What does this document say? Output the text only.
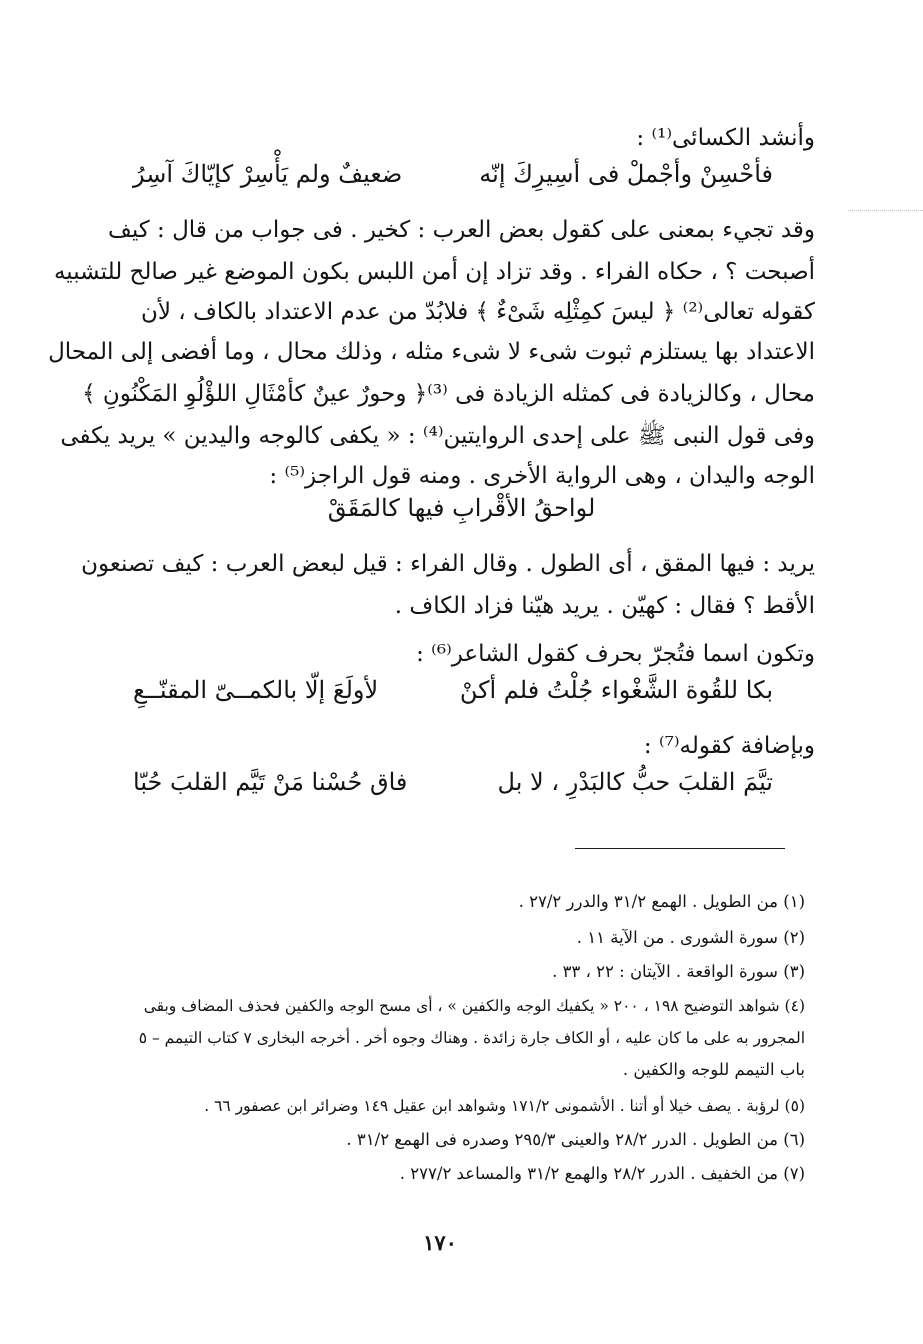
وأنشد الكسائى⁽¹⁾ :
فأحْسِنْ وأجْملْ فى أسِيرِكَ إنّه
ضعيفٌ ولم يَأْسِرْ كإيّاكَ آسِرُ
وقد تجيء بمعنى على كقول بعض العرب : كخير . فى جواب من قال : كيف
أصبحت ؟ ، حكاه الفراء . وقد تزاد إن أمن اللبس بكون الموضع غير صالح للتشبيه
كقوله تعالى⁽²⁾ ﴿ ليسَ كمِثْلِه شَىْءٌ ﴾ فلابُدّ من عدم الاعتداد بالكاف ، لأن
الاعتداد بها يستلزم ثبوت شىء لا شىء مثله ، وذلك محال ، وما أفضى إلى المحال
محال ، وكالزيادة فى كمثله الزيادة فى ⁽³⁾﴿ وحورٌ عينٌ كأمْثَالِ اللؤْلُوِ المَكْنُونِ ﴾
وفى قول النبى ﷺ على إحدى الروايتين⁽⁴⁾ : « يكفى كالوجه واليدين » يريد يكفى
الوجه واليدان ، وهى الرواية الأخرى . ومنه قول الراجز⁽⁵⁾ :
لواحقُ الأقْرابِ فيها كالمَقَقْ
يريد : فيها المقق ، أى الطول . وقال الفراء : قيل لبعض العرب : كيف تصنعون
الأقط ؟ فقال : كهيّن . يريد هيّنا فزاد الكاف .
وتكون اسما فتُجرّ بحرف كقول الشاعر⁽⁶⁾ :
بكا للقُوة الشَّغْواء جُلْتُ فلم أكنْ
لأولَعَ إلّا بالكمــىّ المقنّــعِ
وبإضافة كقوله⁽⁷⁾ :
تيَّمَ القلبَ حبُّ كالبَدْرِ ، لا بل
فاق حُسْنا مَنْ تَيَّم القلبَ حُبّا
(١) من الطويل . الهمع ٣١/٢ والدرر ٢٧/٢ .
(٢) سورة الشورى . من الآية ١١ .
(٣) سورة الواقعة . الآيتان : ٢٢ ، ٣٣ .
(٤) شواهد التوضيح ١٩٨ ، ٢٠٠ « يكفيك الوجه والكفين » ، أى مسح الوجه والكفين فحذف المضاف وبقى
المجرور به على ما كان عليه ، أو الكاف جارة زائدة . وهناك وجوه أخر . أخرجه البخارى ٧ كتاب التيمم – ٥
باب التيمم للوجه والكفين .
(٥) لرؤبة . يصف خيلا أو أتنا . الأشمونى ١٧١/٢ وشواهد ابن عقيل ١٤٩ وضرائر ابن عصفور ٦٦ .
(٦) من الطويل . الدرر ٢٨/٢ والعينى ٢٩٥/٣ وصدره فى الهمع ٣١/٢ .
(٧) من الخفيف . الدرر ٢٨/٢ والهمع ٣١/٢ والمساعد ٢٧٧/٢ .
١٧٠
